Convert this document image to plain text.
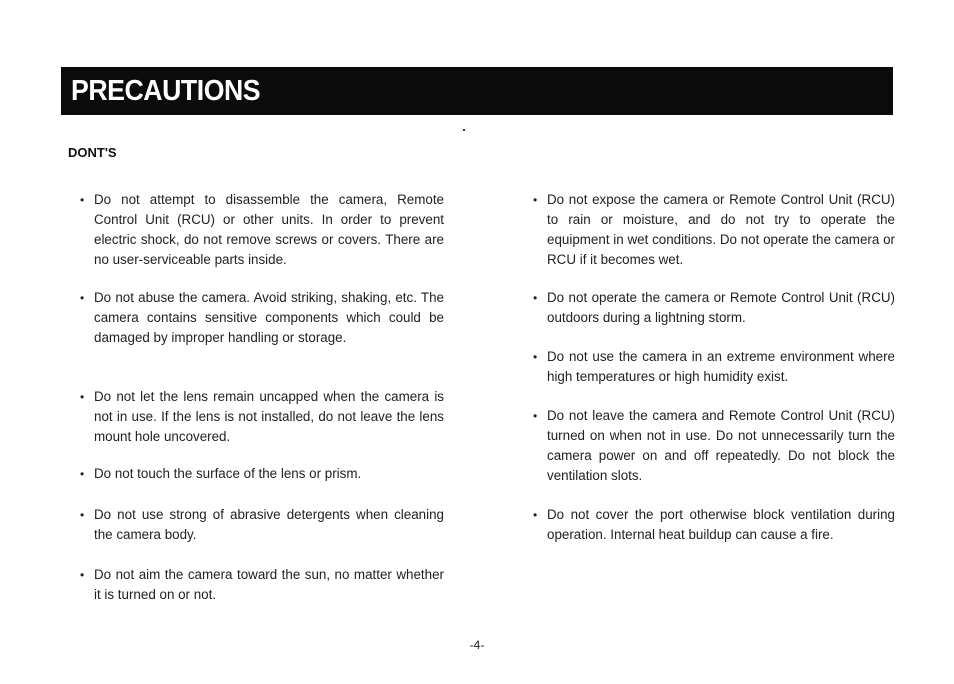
PRECAUTIONS
DONT'S
• Do not attempt to disassemble the camera, Remote Control Unit (RCU) or other units. In order to prevent electric shock, do not remove screws or covers. There are no user-serviceable parts inside.
• Do not abuse the camera. Avoid striking, shaking, etc. The camera contains sensitive components which could be damaged by improper handling or storage.
• Do not let the lens remain uncapped when the camera is not in use. If the lens is not installed, do not leave the lens mount hole uncovered.
• Do not touch the surface of the lens or prism.
• Do not use strong of abrasive detergents when cleaning the camera body.
• Do not aim the camera toward the sun, no matter whether it is turned on or not.
• Do not expose the camera or Remote Control Unit (RCU) to rain or moisture, and do not try to operate the equipment in wet conditions. Do not operate the camera or RCU if it becomes wet.
• Do not operate the camera or Remote Control Unit (RCU) outdoors during a lightning storm.
• Do not use the camera in an extreme environment where high temperatures or high humidity exist.
• Do not leave the camera and Remote Control Unit (RCU) turned on when not in use. Do not unnecessarily turn the camera power on and off repeatedly. Do not block the ventilation slots.
• Do not cover the port otherwise block ventilation during operation. Internal heat buildup can cause a fire.
-4-
